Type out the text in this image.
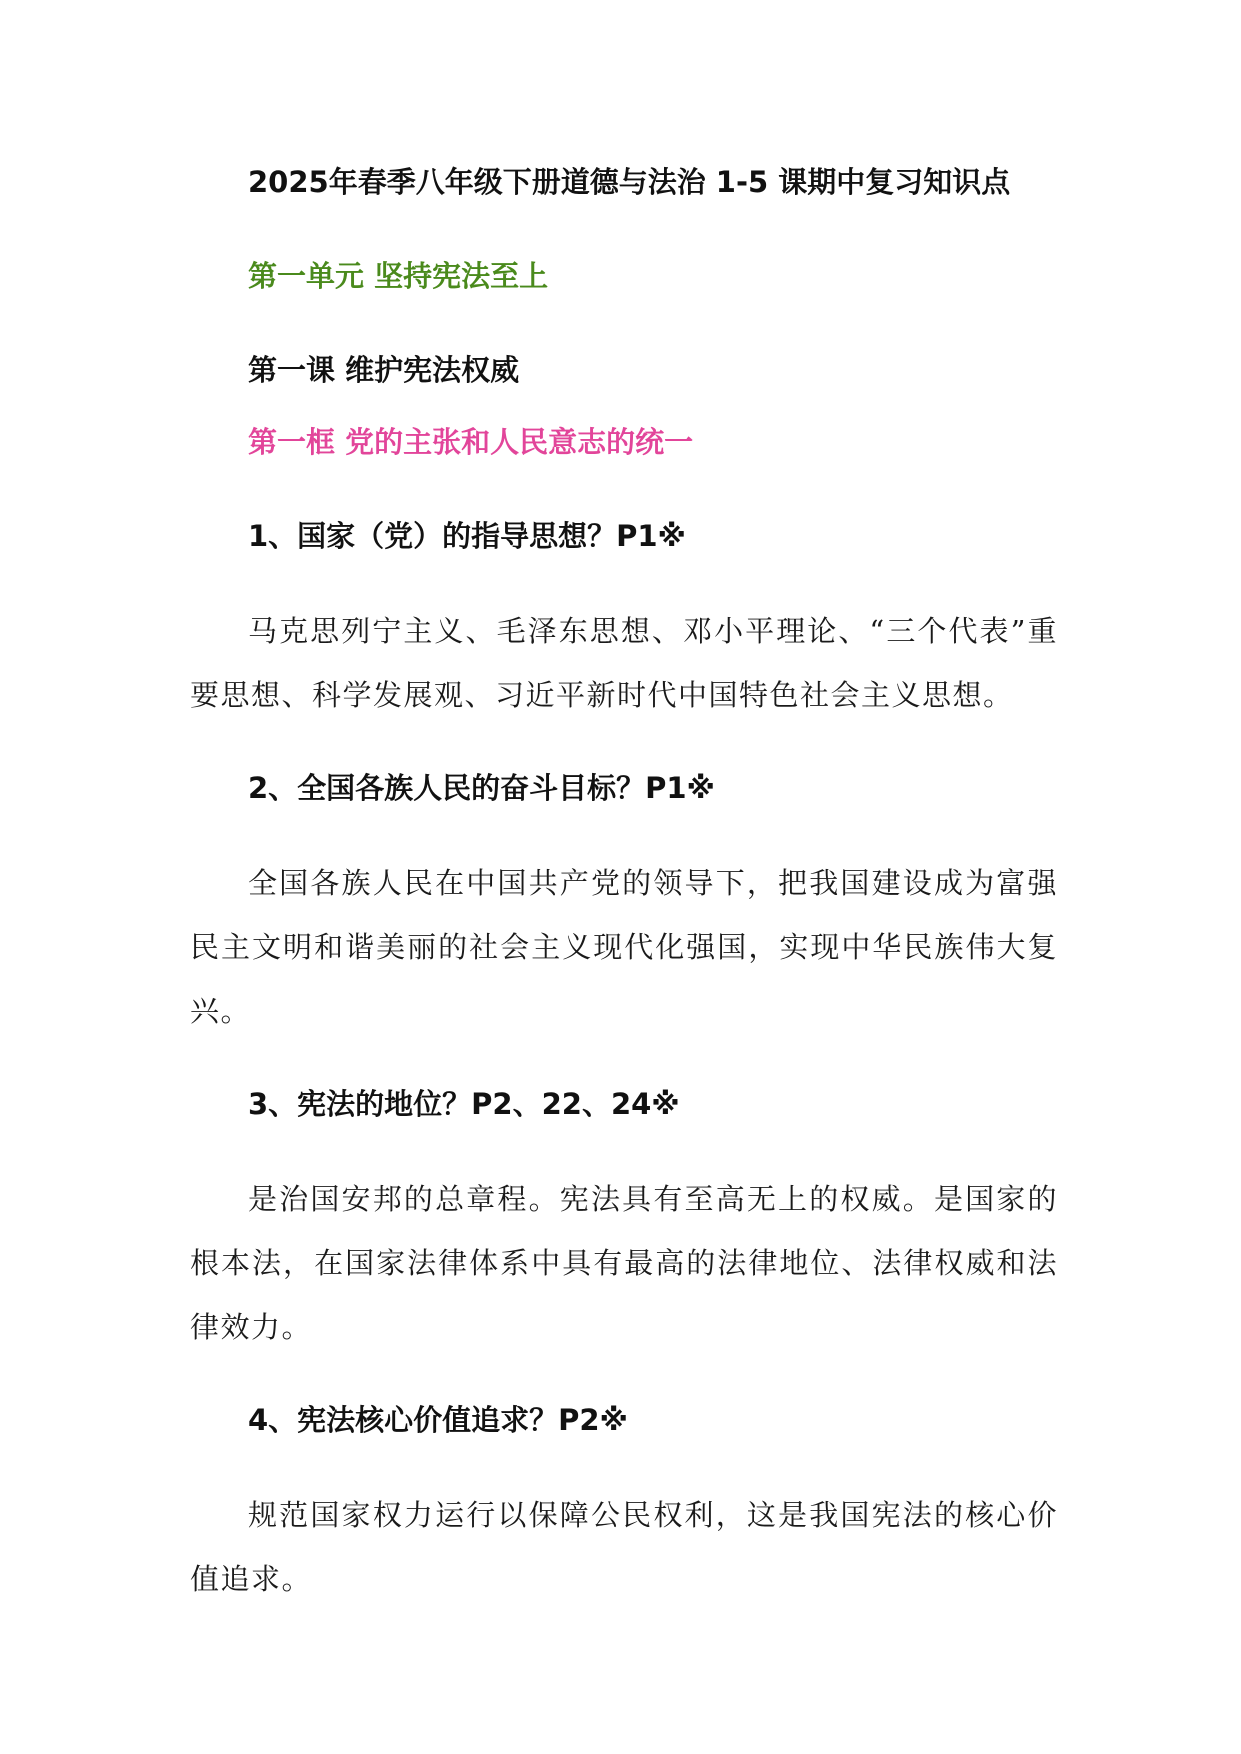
2025年春季八年级下册道德与法治 1-5 课期中复习知识点
第一单元 坚持宪法至上
第一课 维护宪法权威
第一框 党的主张和人民意志的统一
1、国家（党）的指导思想？P1※
马克思列宁主义、毛泽东思想、邓小平理论、“三个代表”重要思想、科学发展观、习近平新时代中国特色社会主义思想。
2、全国各族人民的奋斗目标？P1※
全国各族人民在中国共产党的领导下，把我国建设成为富强民主文明和谐美丽的社会主义现代化强国，实现中华民族伟大复兴。
3、宪法的地位？P2、22、24※
是治国安邦的总章程。宪法具有至高无上的权威。是国家的根本法，在国家法律体系中具有最高的法律地位、法律权威和法律效力。
4、宪法核心价值追求？P2※
规范国家权力运行以保障公民权利，这是我国宪法的核心价值追求。
